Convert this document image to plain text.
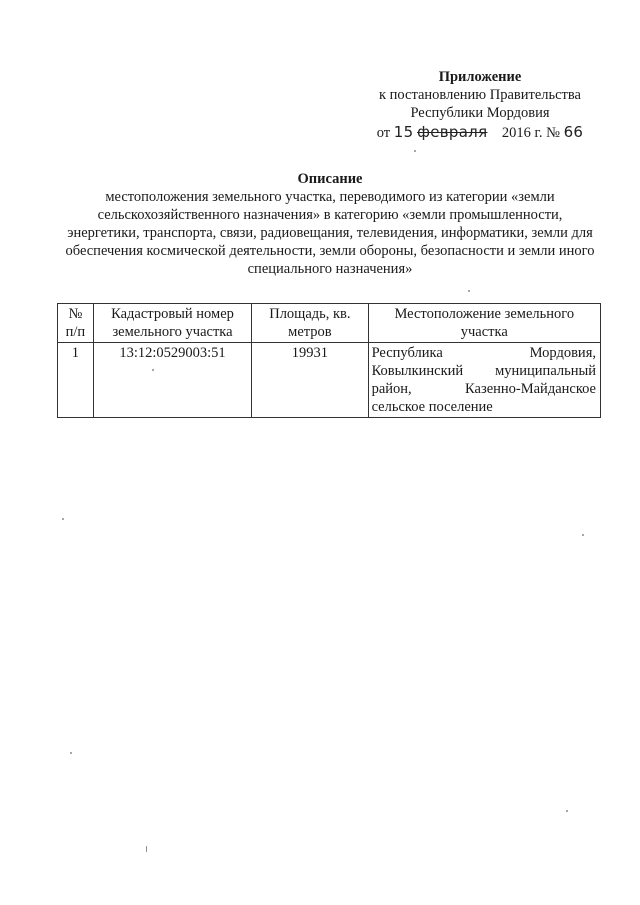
Приложение
к постановлению Правительства
Республики Мордовия
от 15 февраля 2016 г. № 66
Описание
местоположения земельного участка, переводимого из категории «земли сельскохозяйственного назначения» в категорию «земли промышленности, энергетики, транспорта, связи, радиовещания, телевидения, информатики, земли для обеспечения космической деятельности, земли обороны, безопасности и земли иного специального назначения»
№ п/п	Кадастровый номер земельного участка	Площадь, кв. метров	Местоположение земельного участка
1	13:12:0529003:51	19931	Республика Мордовия, Ковылкинский муниципальный район, Казенно-Майданское сельское поселение
